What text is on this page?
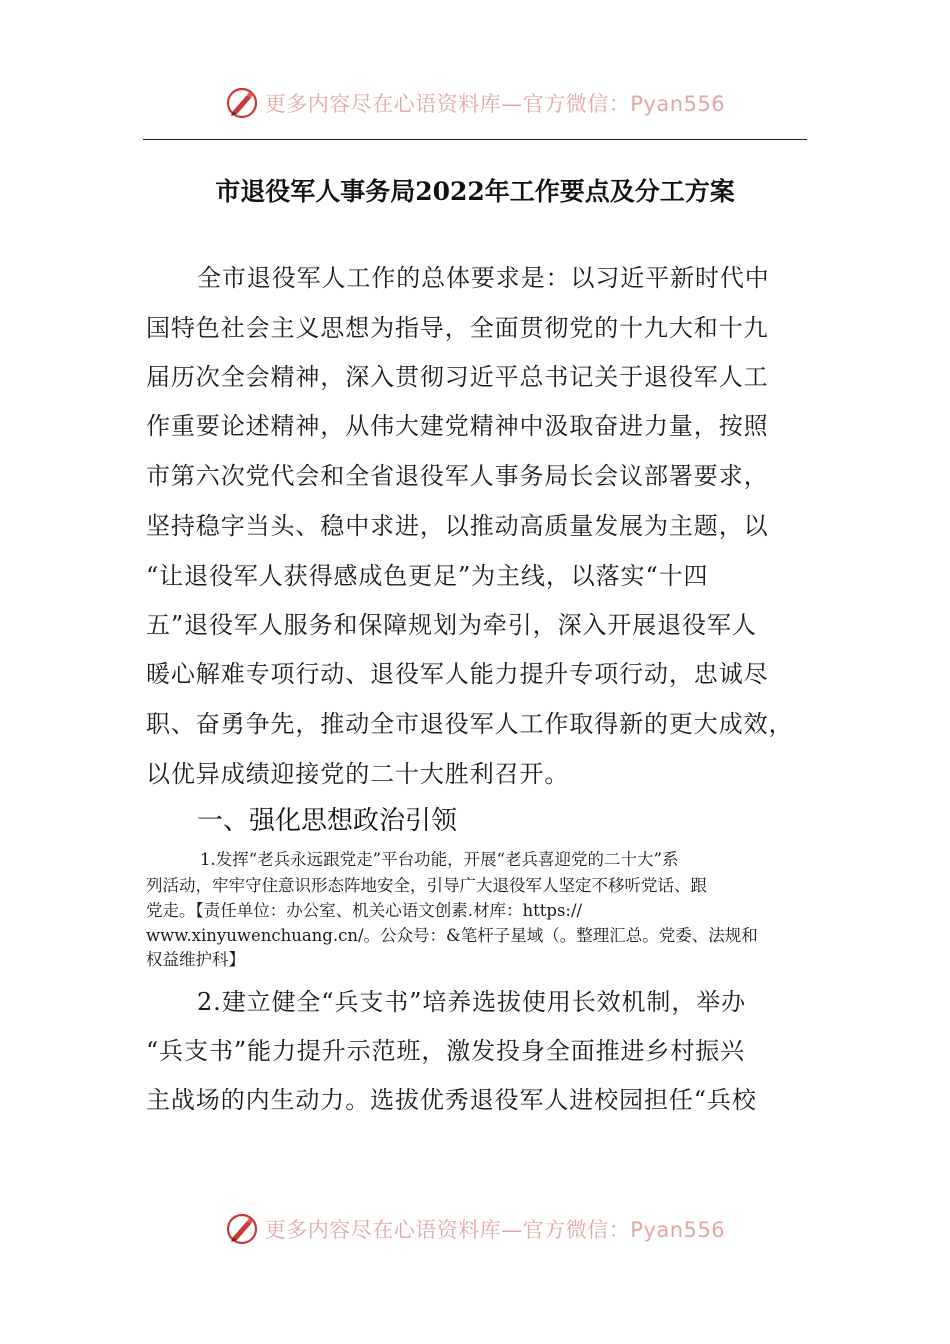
更多内容尽在心语资料库—官方微信：Pyan556
市退役军人事务局2022年工作要点及分工方案
全市退役军人工作的总体要求是：以习近平新时代中
国特色社会主义思想为指导，全面贯彻党的十九大和十九
届历次全会精神，深入贯彻习近平总书记关于退役军人工
作重要论述精神，从伟大建党精神中汲取奋进力量，按照
市第六次党代会和全省退役军人事务局长会议部署要求，
坚持稳字当头、稳中求进，以推动高质量发展为主题，以
“让退役军人获得感成色更足”为主线，以落实“十四
五”退役军人服务和保障规划为牵引，深入开展退役军人
暖心解难专项行动、退役军人能力提升专项行动，忠诚尽
职、奋勇争先，推动全市退役军人工作取得新的更大成效，
以优异成绩迎接党的二十大胜利召开。
一、强化思想政治引领
1.发挥“老兵永远跟党走”平台功能，开展“老兵喜迎党的二十大”系
列活动，牢牢守住意识形态阵地安全，引导广大退役军人坚定不移听党话、跟
党走。【责任单位：办公室、机关心语文创素.材库：https://
www.xinyuwenchuang.cn/。公众号：&笔杆子星域（。整理汇总。党委、法规和
权益维护科】
2.建立健全“兵支书”培养选拔使用长效机制，举办
“兵支书”能力提升示范班，激发投身全面推进乡村振兴
主战场的内生动力。选拔优秀退役军人进校园担任“兵校
更多内容尽在心语资料库—官方微信：Pyan556
